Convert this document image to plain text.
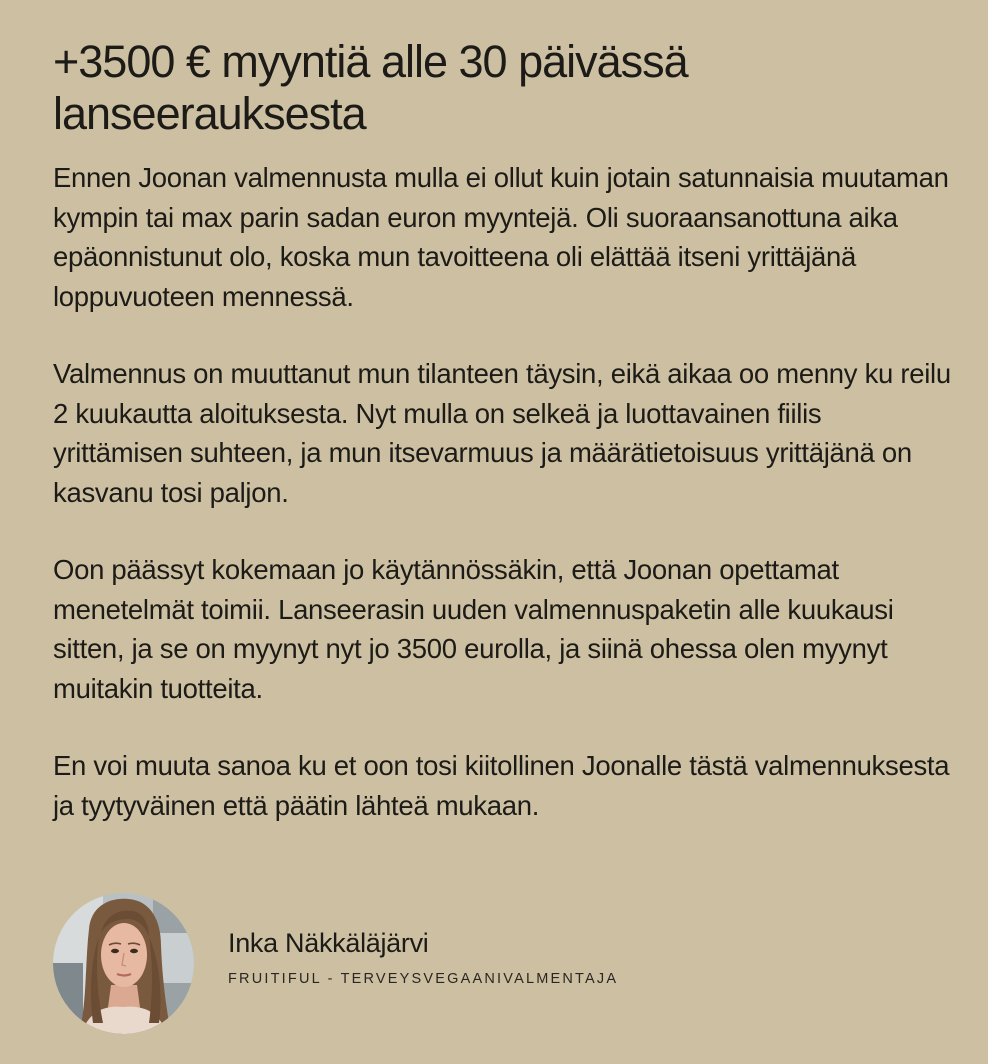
+3500 € myyntiä alle 30 päivässä
lanseerauksesta

Ennen Joonan valmennusta mulla ei ollut kuin jotain satunnaisia muutaman kympin tai max parin sadan euron myyntejä. Oli suoraansanottuna aika epäonnistunut olo, koska mun tavoitteena oli elättää itseni yrittäjänä loppuvuoteen mennessä.

Valmennus on muuttanut mun tilanteen täysin, eikä aikaa oo menny ku reilu 2 kuukautta aloituksesta. Nyt mulla on selkeä ja luottavainen fiilis yrittämisen suhteen, ja mun itsevarmuus ja määrätietoisuus yrittäjänä on kasvanu tosi paljon.

Oon päässyt kokemaan jo käytännössäkin, että Joonan opettamat menetelmät toimii. Lanseerasin uuden valmennuspaketin alle kuukausi sitten, ja se on myynyt nyt jo 3500 eurolla, ja siinä ohessa olen myynyt muitakin tuotteita.

En voi muuta sanoa ku et oon tosi kiitollinen Joonalle tästä valmennuksesta ja tyytyväinen että päätin lähteä mukaan.

Inka Näkkäläjärvi
FRUITIFUL - TERVEYSVEGAANIVALMENTAJA
